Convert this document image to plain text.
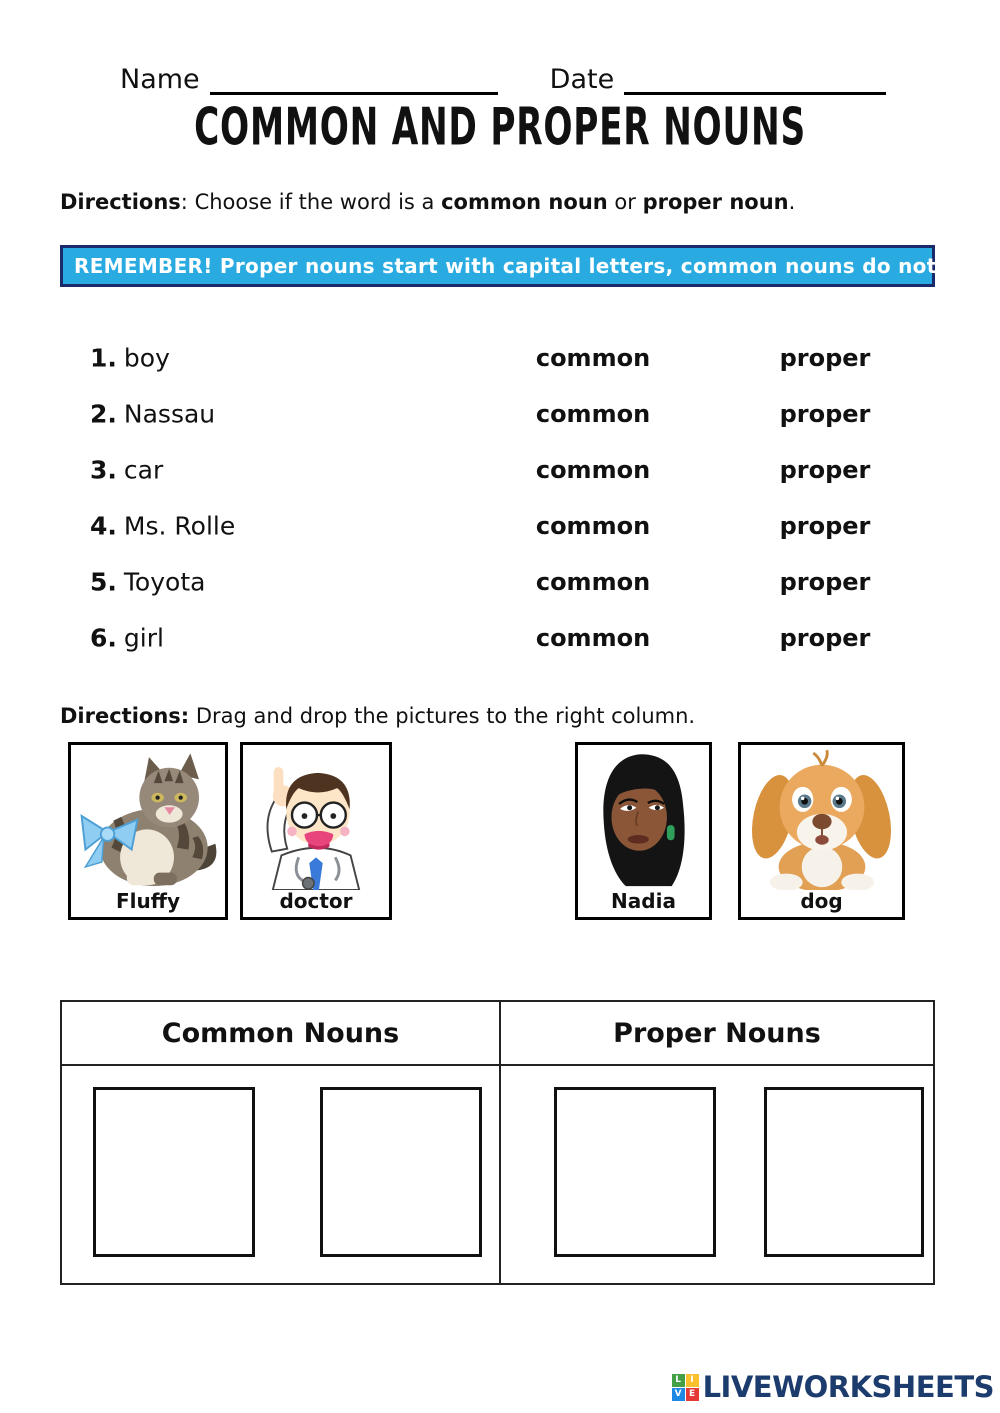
Name	Date
COMMON AND PROPER NOUNS
Directions: Choose if the word is a common noun or proper noun.
REMEMBER! Proper nouns start with capital letters, common nouns do not.
1. boy	common	proper
2. Nassau	common	proper
3. car	common	proper
4. Ms. Rolle	common	proper
5. Toyota	common	proper
6. girl	common	proper
Directions: Drag and drop the pictures to the right column.
Fluffy	doctor	Nadia	dog
Common Nouns	Proper Nouns
L	I
V E LIVEWORKSHEETS
